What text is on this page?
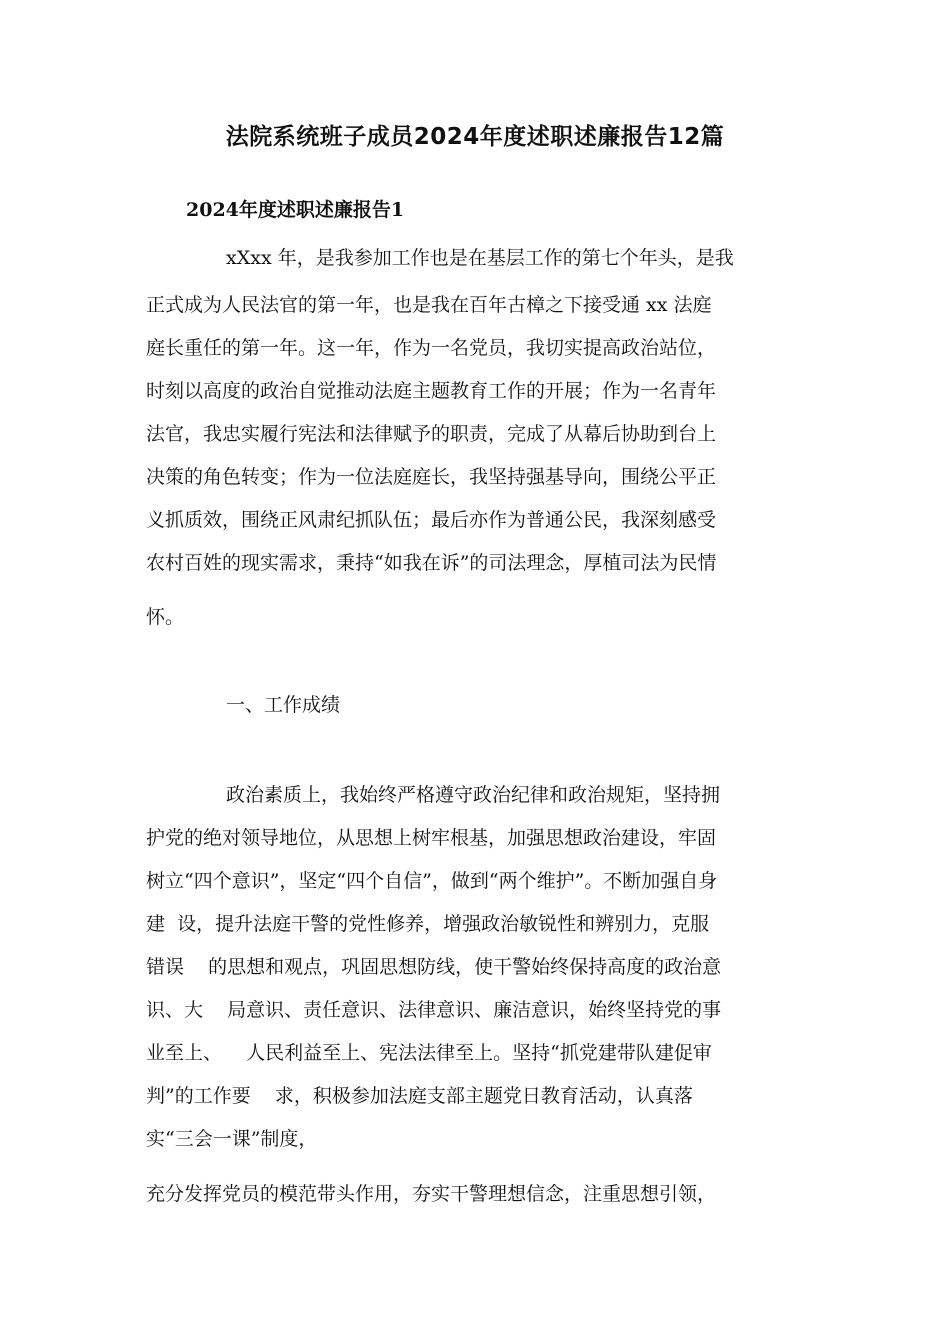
法院系统班子成员2024年度述职述廉报告12篇
2024年度述职述廉报告1
xXxx 年，是我参加工作也是在基层工作的第七个年头，是我
正式成为人民法官的第一年，也是我在百年古樟之下接受通 xx 法庭
庭长重任的第一年。这一年，作为一名党员，我切实提高政治站位，
时刻以高度的政治自觉推动法庭主题教育工作的开展；作为一名青年
法官，我忠实履行宪法和法律赋予的职责，完成了从幕后协助到台上
决策的角色转变；作为一位法庭庭长，我坚持强基导向，围绕公平正
义抓质效，围绕正风肃纪抓队伍；最后亦作为普通公民，我深刻感受
农村百姓的现实需求，秉持“如我在诉”的司法理念，厚植司法为民情
怀。
一、工作成绩
政治素质上，我始终严格遵守政治纪律和政治规矩，坚持拥
护党的绝对领导地位，从思想上树牢根基，加强思想政治建设，牢固
树立“四个意识”，坚定“四个自信”，做到“两个维护”。不断加强自身
建  设，提升法庭干警的党性修养，增强政治敏锐性和辨别力，克服
错误    的思想和观点，巩固思想防线，使干警始终保持高度的政治意
识、大    局意识、责任意识、法律意识、廉洁意识，始终坚持党的事
业至上、    人民利益至上、宪法法律至上。坚持“抓党建带队建促审
判”的工作要    求，积极参加法庭支部主题党日教育活动，认真落
实“三会一课”制度，
充分发挥党员的模范带头作用，夯实干警理想信念，注重思想引领，
